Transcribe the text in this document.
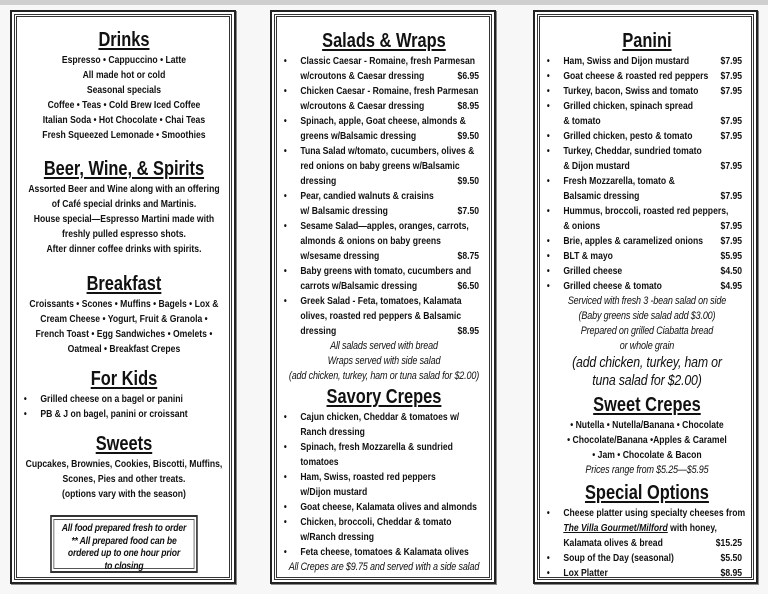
Drinks
Espresso • Cappuccino • Latte
All made hot or cold
Seasonal specials
Coffee • Teas • Cold Brew Iced Coffee
Italian Soda • Hot Chocolate • Chai Teas
Fresh Squeezed Lemonade • Smoothies
Beer, Wine, & Spirits
Assorted Beer and Wine along with an offering
of Café special drinks and Martinis.
House special—Espresso Martini made with
freshly pulled espresso shots.
After dinner coffee drinks with spirits.
Breakfast
Croissants • Scones • Muffins • Bagels • Lox &
Cream Cheese • Yogurt, Fruit & Granola •
French Toast • Egg Sandwiches • Omelets •
Oatmeal • Breakfast Crepes
For Kids
• Grilled cheese on a bagel or panini
• PB & J on bagel, panini or croissant
Sweets
Cupcakes, Brownies, Cookies, Biscotti, Muffins,
Scones, Pies and other treats.
(options vary with the season)
All food prepared fresh to order
** All prepared food can be
ordered up to one hour prior
to closing
Salads & Wraps
• Classic Caesar - Romaine, fresh Parmesan
w/croutons & Caesar dressing	$6.95
• Chicken Caesar - Romaine, fresh Parmesan
w/croutons & Caesar dressing	$8.95
• Spinach, apple, Goat cheese, almonds &
greens w/Balsamic dressing	$9.50
• Tuna Salad w/tomato, cucumbers, olives &
red onions on baby greens w/Balsamic
dressing	$9.50
• Pear, candied walnuts & craisins
w/ Balsamic dressing	$7.50
• Sesame Salad—apples, oranges, carrots,
almonds & onions on baby greens
w/sesame dressing	$8.75
• Baby greens with tomato, cucumbers and
carrots w/Balsamic dressing	$6.50
• Greek Salad - Feta, tomatoes, Kalamata
olives, roasted red peppers & Balsamic
dressing	$8.95
All salads served with bread
Wraps served with side salad
(add chicken, turkey, ham or tuna salad for $2.00)
Savory Crepes
• Cajun chicken, Cheddar & tomatoes w/
Ranch dressing
• Spinach, fresh Mozzarella & sundried
tomatoes
• Ham, Swiss, roasted red peppers
w/Dijon mustard
• Goat cheese, Kalamata olives and almonds
• Chicken, broccoli, Cheddar & tomato
w/Ranch dressing
• Feta cheese, tomatoes & Kalamata olives
All Crepes are $9.75 and served with a side salad
Panini
• Ham, Swiss and Dijon mustard	$7.95
• Goat cheese & roasted red peppers $7.95
• Turkey, bacon, Swiss and tomato $7.95
• Grilled chicken, spinach spread
& tomato	$7.95
• Grilled chicken, pesto & tomato	$7.95
• Turkey, Cheddar, sundried tomato
& Dijon mustard	$7.95
• Fresh Mozzarella, tomato &
Balsamic dressing	$7.95
• Hummus, broccoli, roasted red peppers,
& onions	$7.95
• Brie, apples & caramelized onions $7.95
• BLT & mayo	$5.95
• Grilled cheese	$4.50
• Grilled cheese & tomato	$4.95
Serviced with fresh 3 -bean salad on side
(Baby greens side salad add $3.00)
Prepared on grilled Ciabatta bread
or whole grain
(add chicken, turkey, ham or
tuna salad for $2.00)
Sweet Crepes
• Nutella • Nutella/Banana • Chocolate
• Chocolate/Banana •Apples & Caramel
• Jam • Chocolate & Bacon
Prices range from $5.25—$5.95
Special Options
• Cheese platter using specialty cheeses from
The Villa Gourmet/Milford with honey,
Kalamata olives & bread	$15.25
• Soup of the Day (seasonal)	$5.50
• Lox Platter	$8.95
